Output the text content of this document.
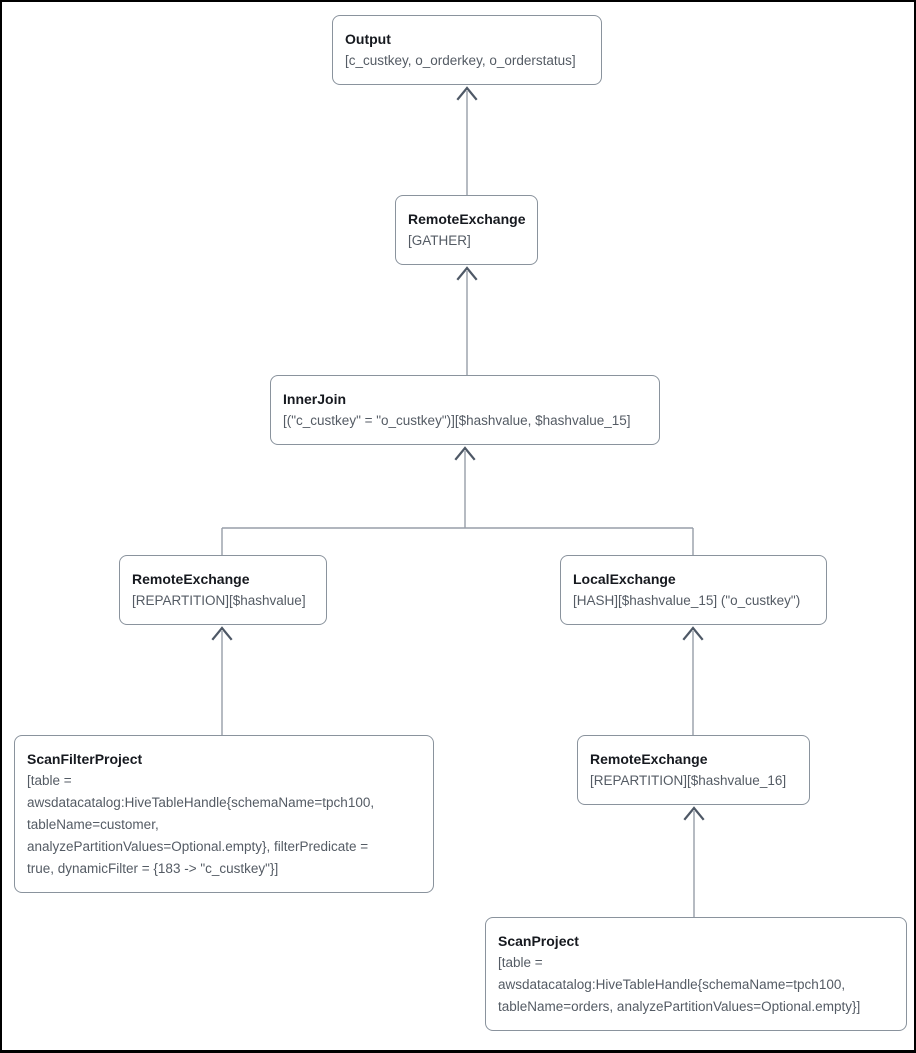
Output
[c_custkey, o_orderkey, o_orderstatus]
RemoteExchange
[GATHER]
InnerJoin
[("c_custkey" = "o_custkey")][$hashvalue, $hashvalue_15]
RemoteExchange
[REPARTITION][$hashvalue]
LocalExchange
[HASH][$hashvalue_15] ("o_custkey")
ScanFilterProject
[table =
awsdatacatalog:HiveTableHandle{schemaName=tpch100,
tableName=customer,
analyzePartitionValues=Optional.empty}, filterPredicate =
true, dynamicFilter = {183 -> "c_custkey"}]
RemoteExchange
[REPARTITION][$hashvalue_16]
ScanProject
[table =
awsdatacatalog:HiveTableHandle{schemaName=tpch100,
tableName=orders, analyzePartitionValues=Optional.empty}]
